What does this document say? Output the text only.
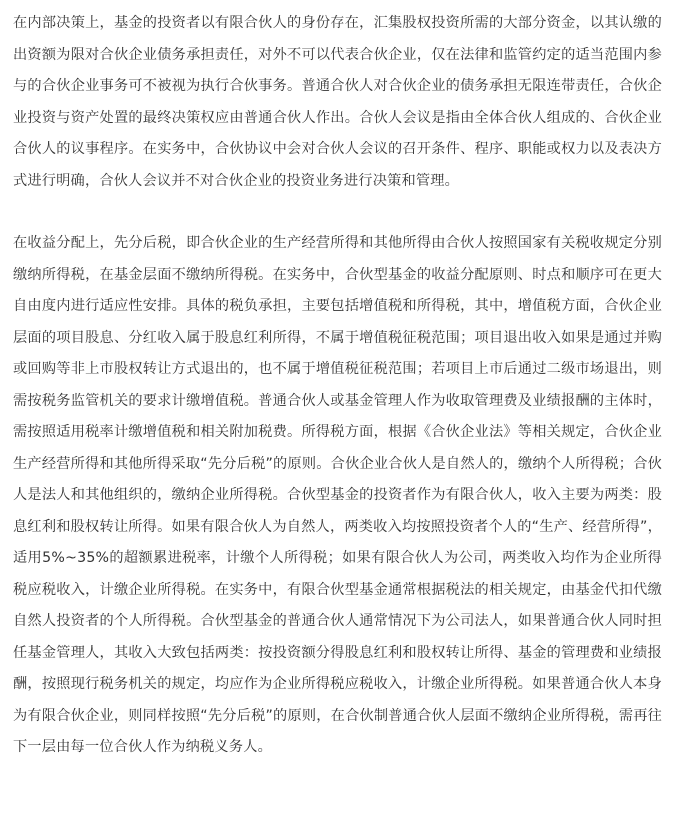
在内部决策上，基金的投资者以有限合伙人的身份存在，汇集股权投资所需的大部分资金，以其认缴的出资额为限对合伙企业债务承担责任，对外不可以代表合伙企业，仅在法律和监管约定的适当范围内参与的合伙企业事务可不被视为执行合伙事务。普通合伙人对合伙企业的债务承担无限连带责任，合伙企业投资与资产处置的最终决策权应由普通合伙人作出。合伙人会议是指由全体合伙人组成的、合伙企业合伙人的议事程序。在实务中，合伙协议中会对合伙人会议的召开条件、程序、职能或权力以及表决方式进行明确，合伙人会议并不对合伙企业的投资业务进行决策和管理。

在收益分配上，先分后税，即合伙企业的生产经营所得和其他所得由合伙人按照国家有关税收规定分别缴纳所得税，在基金层面不缴纳所得税。在实务中，合伙型基金的收益分配原则、时点和顺序可在更大自由度内进行适应性安排。具体的税负承担，主要包括增值税和所得税，其中，增值税方面，合伙企业层面的项目股息、分红收入属于股息红利所得，不属于增值税征税范围；项目退出收入如果是通过并购或回购等非上市股权转让方式退出的，也不属于增值税征税范围；若项目上市后通过二级市场退出，则需按税务监管机关的要求计缴增值税。普通合伙人或基金管理人作为收取管理费及业绩报酬的主体时，需按照适用税率计缴增值税和相关附加税费。所得税方面，根据《合伙企业法》等相关规定，合伙企业生产经营所得和其他所得采取“先分后税”的原则。合伙企业合伙人是自然人的，缴纳个人所得税；合伙人是法人和其他组织的，缴纳企业所得税。合伙型基金的投资者作为有限合伙人，收入主要为两类：股息红利和股权转让所得。如果有限合伙人为自然人，两类收入均按照投资者个人的“生产、经营所得”，适用5%~35%的超额累进税率，计缴个人所得税；如果有限合伙人为公司，两类收入均作为企业所得税应税收入，计缴企业所得税。在实务中，有限合伙型基金通常根据税法的相关规定，由基金代扣代缴自然人投资者的个人所得税。合伙型基金的普通合伙人通常情况下为公司法人，如果普通合伙人同时担任基金管理人，其收入大致包括两类：按投资额分得股息红利和股权转让所得、基金的管理费和业绩报酬，按照现行税务机关的规定，均应作为企业所得税应税收入，计缴企业所得税。如果普通合伙人本身为有限合伙企业，则同样按照“先分后税”的原则，在合伙制普通合伙人层面不缴纳企业所得税，需再往下一层由每一位合伙人作为纳税义务人。
